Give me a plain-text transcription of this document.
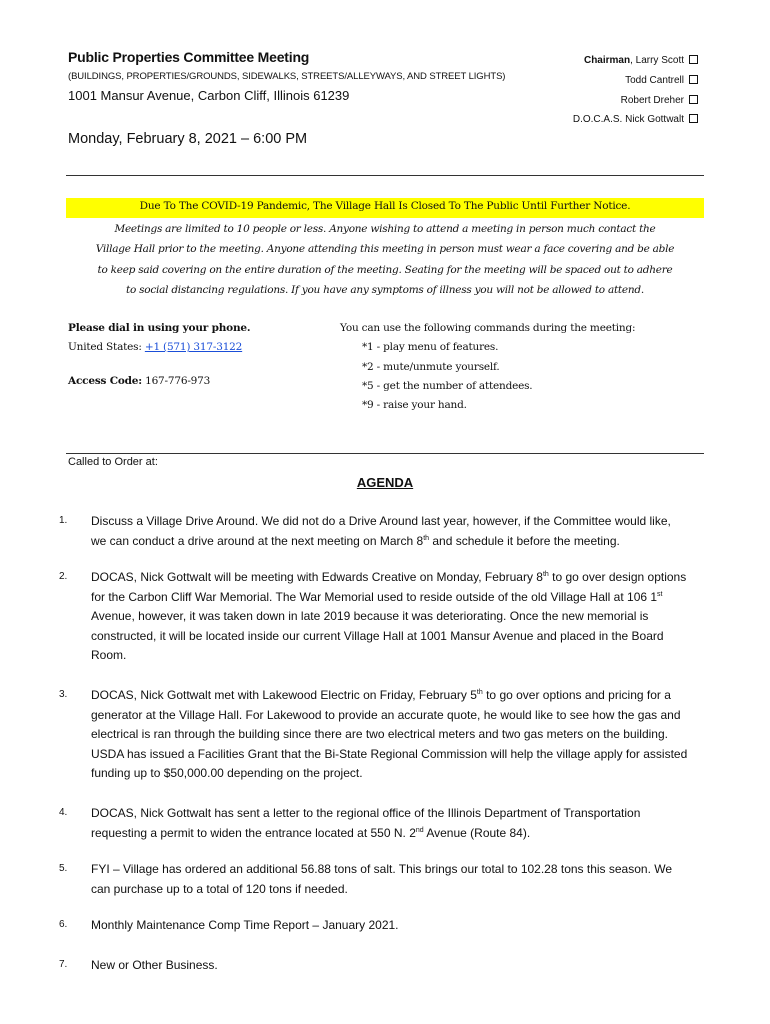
Public Properties Committee Meeting
(BUILDINGS, PROPERTIES/GROUNDS, SIDEWALKS, STREETS/ALLEYWAYS, AND STREET LIGHTS)
1001 Mansur Avenue, Carbon Cliff, Illinois 61239
Monday, February 8, 2021 – 6:00 PM
Chairman, Larry Scott
Todd Cantrell
Robert Dreher
D.O.C.A.S. Nick Gottwalt
Due To The COVID-19 Pandemic, The Village Hall Is Closed To The Public Until Further Notice.
Meetings are limited to 10 people or less. Anyone wishing to attend a meeting in person much contact the
Village Hall prior to the meeting. Anyone attending this meeting in person must wear a face covering and be able
to keep said covering on the entire duration of the meeting. Seating for the meeting will be spaced out to adhere
to social distancing regulations. If you have any symptoms of illness you will not be allowed to attend.
Please dial in using your phone.
United States: +1 (571) 317-3122
Access Code: 167-776-973
You can use the following commands during the meeting:
*1 - play menu of features.
*2 - mute/unmute yourself.
*5 - get the number of attendees.
*9 - raise your hand.
Called to Order at:
AGENDA
1. Discuss a Village Drive Around. We did not do a Drive Around last year, however, if the Committee would like,
we can conduct a drive around at the next meeting on March 8th and schedule it before the meeting.
2. DOCAS, Nick Gottwalt will be meeting with Edwards Creative on Monday, February 8th to go over design options
for the Carbon Cliff War Memorial. The War Memorial used to reside outside of the old Village Hall at 106 1st
Avenue, however, it was taken down in late 2019 because it was deteriorating. Once the new memorial is
constructed, it will be located inside our current Village Hall at 1001 Mansur Avenue and placed in the Board
Room.
3. DOCAS, Nick Gottwalt met with Lakewood Electric on Friday, February 5th to go over options and pricing for a
generator at the Village Hall. For Lakewood to provide an accurate quote, he would like to see how the gas and
electrical is ran through the building since there are two electrical meters and two gas meters on the building.
USDA has issued a Facilities Grant that the Bi-State Regional Commission will help the village apply for assisted
funding up to $50,000.00 depending on the project.
4. DOCAS, Nick Gottwalt has sent a letter to the regional office of the Illinois Department of Transportation
requesting a permit to widen the entrance located at 550 N. 2nd Avenue (Route 84).
5. FYI – Village has ordered an additional 56.88 tons of salt. This brings our total to 102.28 tons this season. We
can purchase up to a total of 120 tons if needed.
6. Monthly Maintenance Comp Time Report – January 2021.
7. New or Other Business.
